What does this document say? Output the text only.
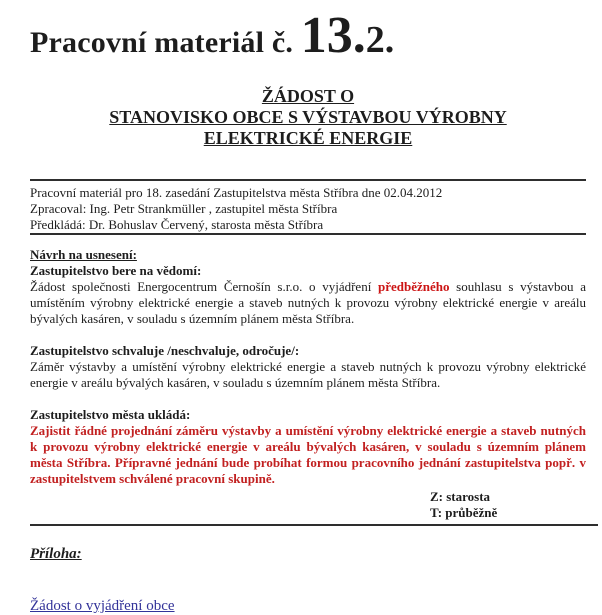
Pracovní materiál č. 13.2.
ŽÁDOST O
STANOVISKO OBCE S VÝSTAVBOU VÝROBNY
ELEKTRICKÉ ENERGIE
Pracovní materiál pro 18. zasedání Zastupitelstva města Stříbra dne 02.04.2012
Zpracoval: Ing. Petr Strankmüller , zastupitel města Stříbra
Předkládá: Dr. Bohuslav Červený, starosta města Stříbra
Návrh na usnesení:
Zastupitelstvo bere na vědomí:

Žádost společnosti Energocentrum Černošín s.r.o. o vyjádření předběžného souhlasu s výstavbou a umístěním výrobny elektrické energie a staveb nutných k provozu výrobny elektrické energie v areálu bývalých kasáren, v souladu s územním plánem města Stříbra.

Zastupitelstvo schvaluje /neschvaluje, odročuje/:

Záměr výstavby a umístění výrobny elektrické energie a staveb nutných k provozu výrobny elektrické energie v areálu bývalých kasáren, v souladu s územním plánem města Stříbra.

Zastupitelstvo města ukládá:

Zajistit řádné projednání záměru výstavby a umístění výrobny elektrické energie a staveb nutných k provozu výrobny elektrické energie v areálu bývalých kasáren, v souladu s územním plánem města Stříbra. Přípravné jednání bude probíhat formou pracovního jednání zastupitelstva popř. v zastupitelstvem schválené pracovní skupině.

Z: starosta
T: průběžně
Příloha:

Žádost o vyjádření obce
